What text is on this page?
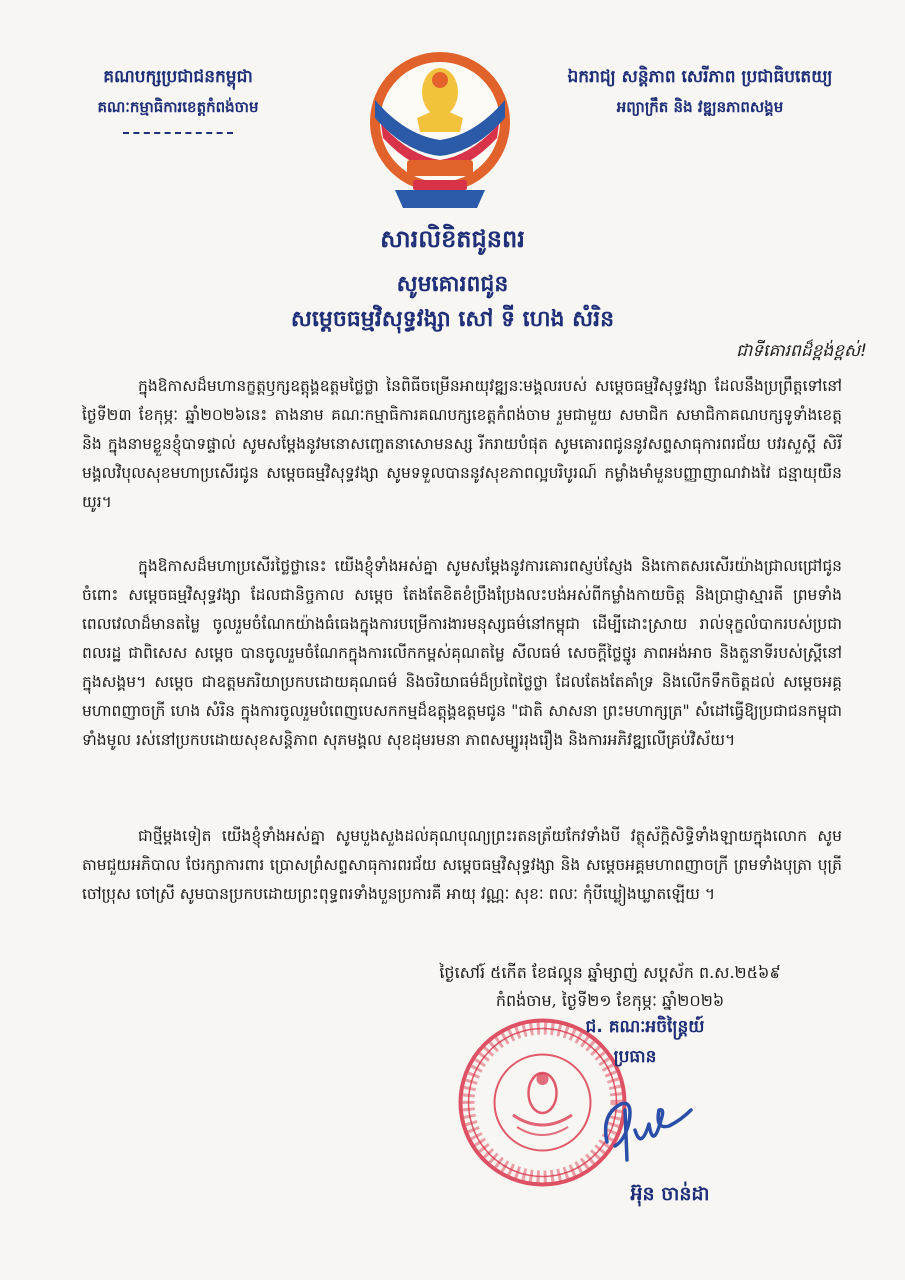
គណបក្សប្រជាជនកម្ពុជា
គណៈកម្មាធិការខេត្តកំពង់ចាម
ឯករាជ្យ សន្តិភាព សេរីភាព ប្រជាធិបតេយ្យ
អព្យាក្រឹត និង វឌ្ឍនភាពសង្គម
សារលិខិតជូនពរ
សូមគោរពជូន
សម្ដេចធម្មវិសុទ្ធវង្សា សៅ ទី ហេង សំរិន
ជាទីគោរពដ៏ខ្ពង់ខ្ពស់!
ក្នុងឱកាសដ៏មហានក្ខត្តឫក្សឧត្តុង្គឧត្តមថ្លៃថ្លា នៃពិធីចម្រើនអាយុវឌ្ឍនៈមង្គលរបស់ សម្ដេចធម្មវិសុទ្ធវង្សា ដែលនឹងប្រព្រឹត្តទៅនៅថ្ងៃទី២៣ ខែកុម្ភៈ ឆ្នាំ២០២៦នេះ តាងនាម គណៈកម្មាធិការគណបក្សខេត្តកំពង់ចាម រួមជាមួយ សមាជិក សមាជិកាគណបក្សទូទាំងខេត្ត និង ក្នុងនាមខ្លួនខ្ញុំបាទផ្ទាល់ សូមសម្ដែងនូវមនោសញ្ចេតនាសោមនស្ស រីករាយបំផុត សូមគោរពជូននូវសព្ទសាធុការពរជ័យ បវរសួស្ដី សិរីមង្គលវិបុលសុខមហាប្រសើរជូន សម្ដេចធម្មវិសុទ្ធវង្សា សូមទទួលបាននូវសុខភាពល្អបរិបូរណ៍ កម្លាំងមាំមួនបញ្ញាញាណវាងវៃ ជន្មាយុយឺនយូរ។
ក្នុងឱកាសដ៏មហាប្រសើរថ្លៃថ្លានេះ យើងខ្ញុំទាំងអស់គ្នា សូមសម្ដែងនូវការគោរពស្ញប់ស្ញែង និងកោតសរសើរយ៉ាងជ្រាលជ្រៅជូនចំពោះ សម្ដេចធម្មវិសុទ្ធវង្សា ដែលជានិច្ចកាល សម្ដេច តែងតែខិតខំប្រឹងប្រែងលះបង់អស់ពីកម្លាំងកាយចិត្ត និងប្រាជ្ញាស្មារតី ព្រមទាំង ពេលវេលាដ៏មានតម្លៃ ចូលរួមចំណែកយ៉ាងធំធេងក្នុងការបម្រើការងារមនុស្សធម៌នៅកម្ពុជា ដើម្បីដោះស្រាយ រាល់ទុក្ខលំបាករបស់ប្រជាពលរដ្ឋ ជាពិសេស សម្ដេច បានចូលរួមចំណែកក្នុងការលើកកម្ពស់គុណតម្លៃ សីលធម៌ សេចក្ដីថ្លៃថ្នូរ ភាពអង់អាច និងតួនាទីរបស់ស្ត្រីនៅក្នុងសង្គម។ សម្ដេច ជាឧត្តមភរិយាប្រកបដោយគុណធម៌ និងចរិយាធម៌ដ៏ប្រពៃថ្លៃថ្លា ដែលតែងតែគាំទ្រ និងលើកទឹកចិត្តដល់ សម្ដេចអគ្គមហាពញាចក្រី ហេង សំរិន ក្នុងការចូលរួមបំពេញបេសកកម្មដ៏ឧត្តុង្គឧត្តមជូន "ជាតិ សាសនា ព្រះមហាក្សត្រ" សំដៅធ្វើឱ្យប្រជាជនកម្ពុជាទាំងមូល រស់នៅប្រកបដោយសុខសន្តិភាព សុភមង្គល សុខដុមរមនា ភាពសម្បូររុងរឿង និងការអភិវឌ្ឍលើគ្រប់វិស័យ។
ជាថ្មីម្ដងទៀត យើងខ្ញុំទាំងអស់គ្នា សូមបួងសួងដល់គុណបុណ្យព្រះរតនត្រ័យកែវទាំងបី វត្ថុស័ក្តិសិទ្ធិទាំងឡាយក្នុងលោក សូមតាមជួយអភិបាល ថែរក្សាការពារ ប្រោសព្រំសព្ទសាធុការពរជ័យ សម្ដេចធម្មវិសុទ្ធវង្សា និង សម្ដេចអគ្គមហាពញាចក្រី ព្រមទាំងបុត្រា បុត្រី ចៅប្រុស ចៅស្រី សូមបានប្រកបដោយព្រះពុទ្ធពរទាំងបួនប្រការគឺ អាយុ វណ្ណៈ សុខៈ ពលៈ កុំបីឃ្លៀងឃ្លាតឡើយ ។
ថ្ងៃសៅរ៍ ៥កើត ខែផល្គុន ឆ្នាំម្សាញ់ សប្តស័ក ព.ស.២៥៦៩
កំពង់ចាម, ថ្ងៃទី២១ ខែកុម្ភៈ ឆ្នាំ២០២៦
ជ. គណៈអចិន្ត្រៃយ៍
ប្រធាន
អ៊ុន ចាន់ដា
